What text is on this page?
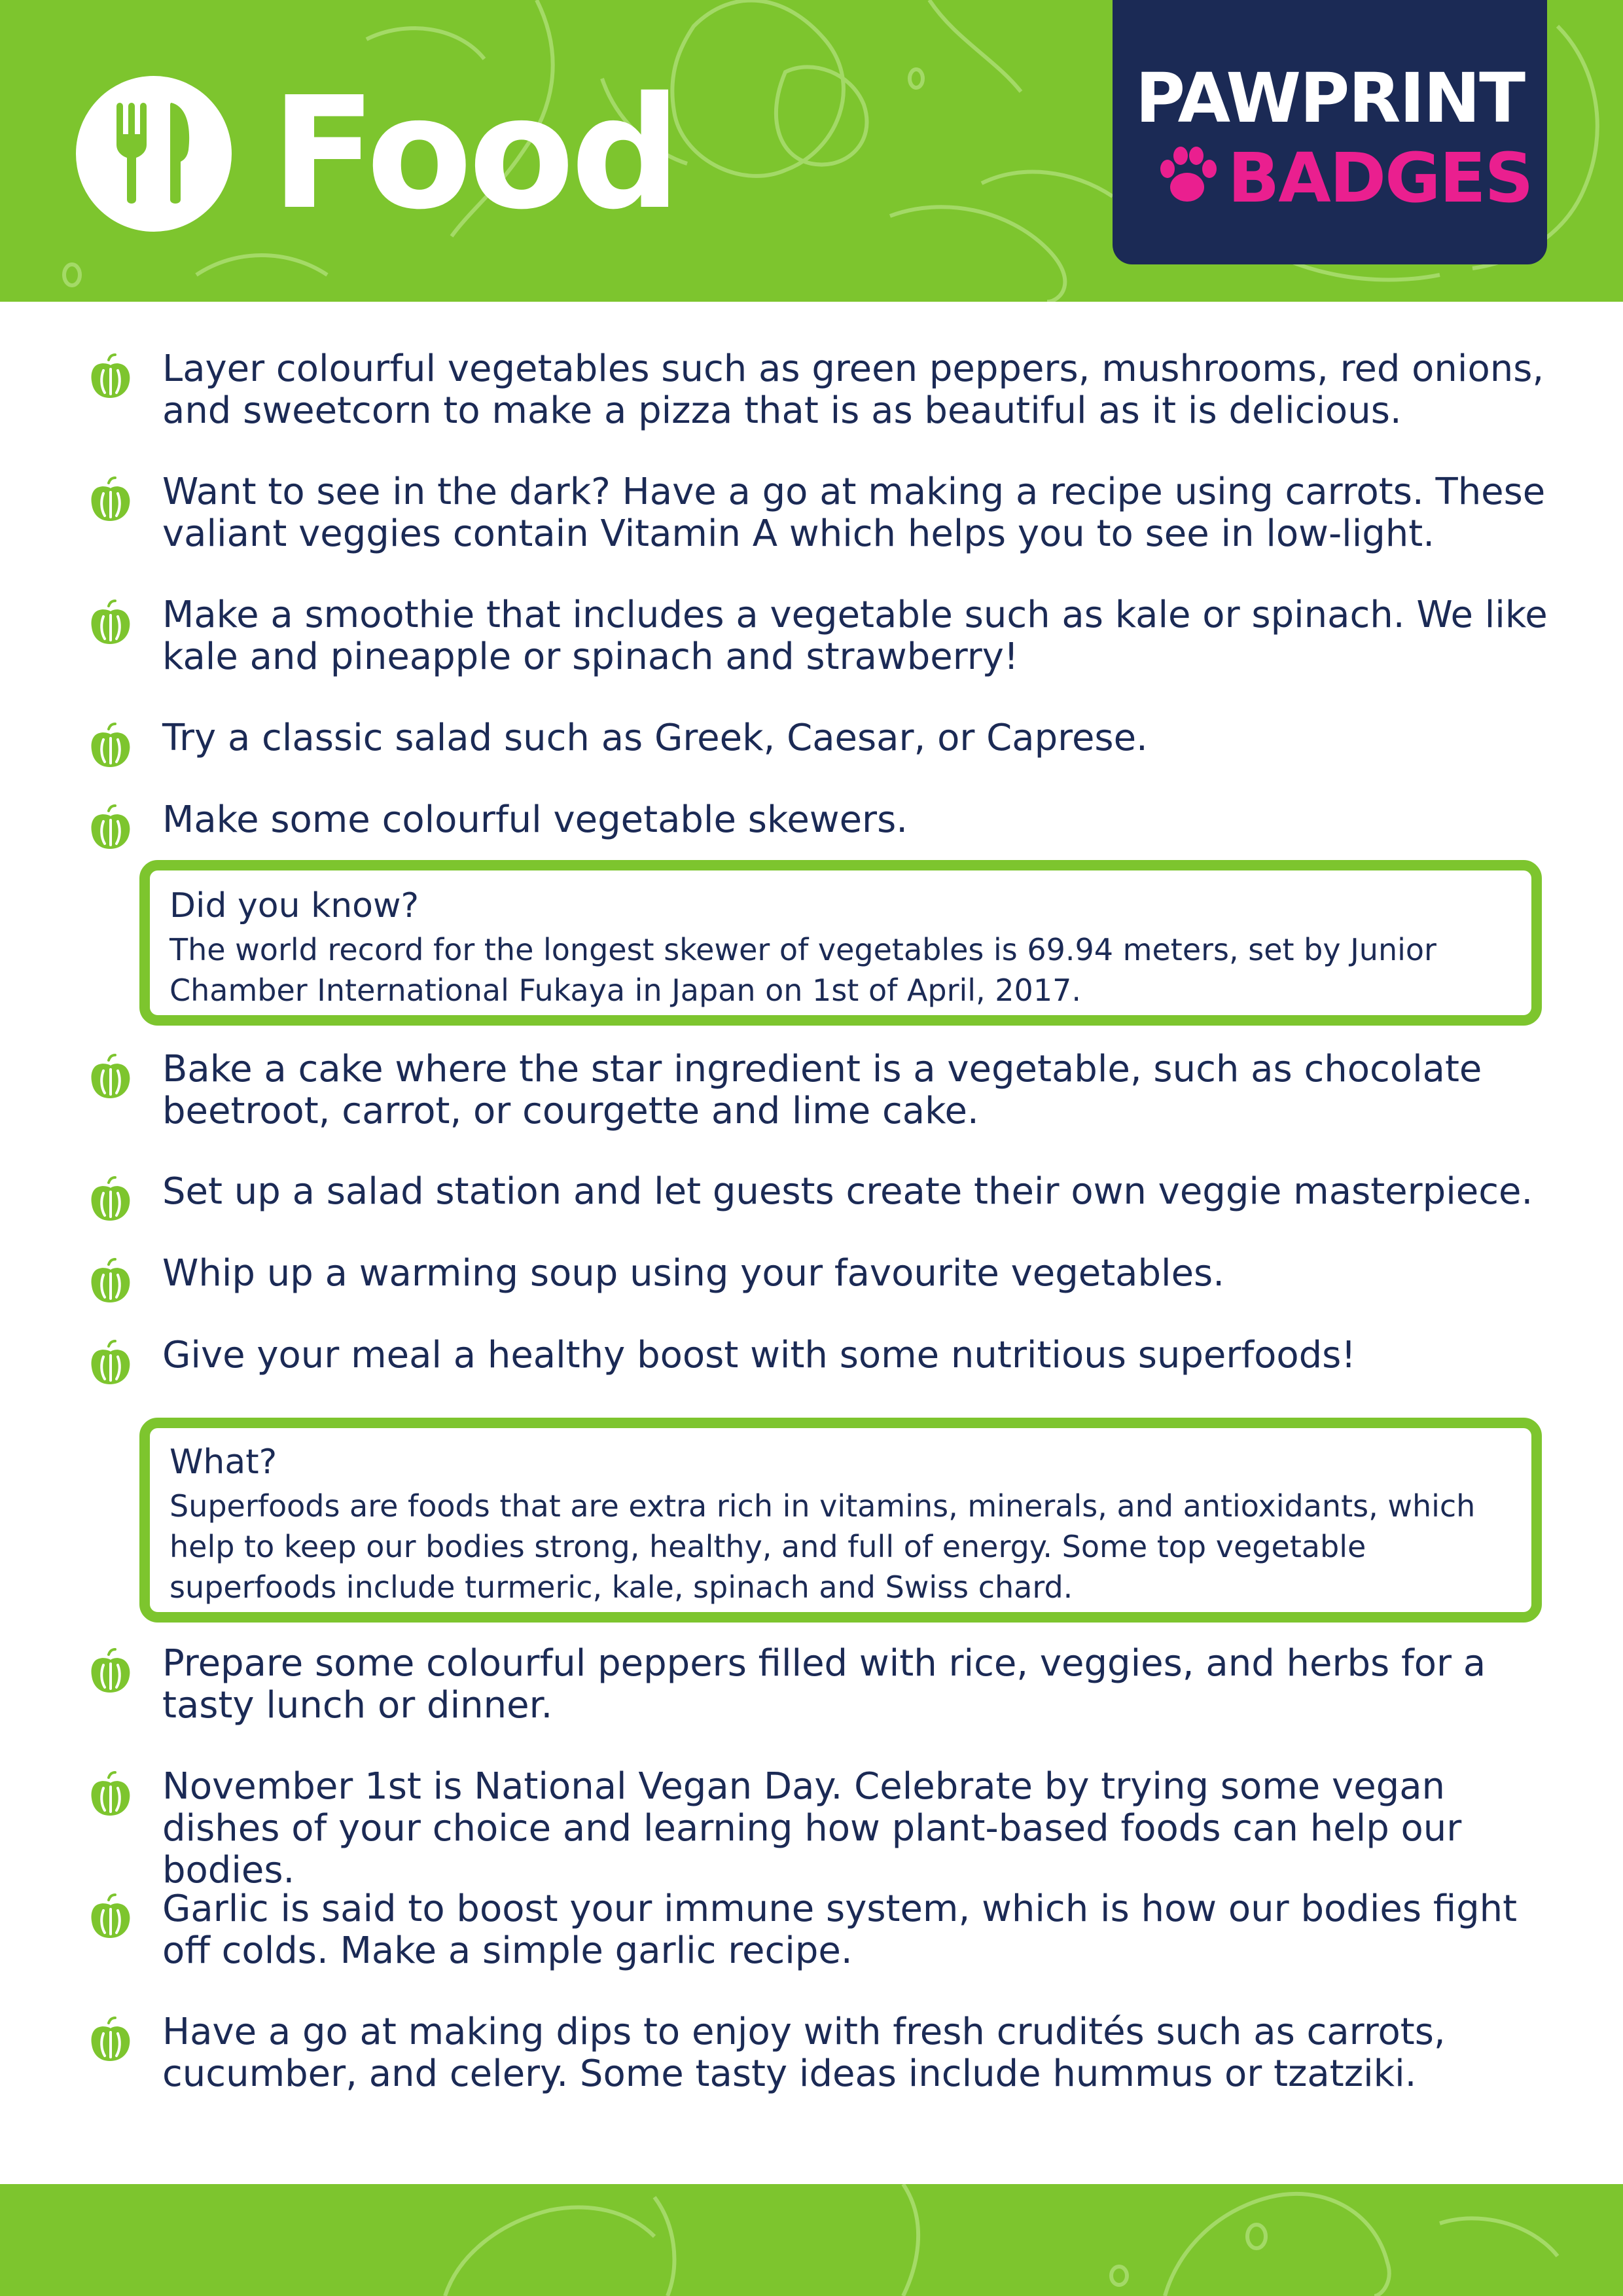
Food	PAWPRINT
BADGES

Layer colourful vegetables such as green peppers, mushrooms, red onions, and sweetcorn to make a pizza that is as beautiful as it is delicious.

Want to see in the dark? Have a go at making a recipe using carrots. These valiant veggies contain Vitamin A which helps you to see in low-light.

Make a smoothie that includes a vegetable such as kale or spinach. We like kale and pineapple or spinach and strawberry!

Try a classic salad such as Greek, Caesar, or Caprese.

Make some colourful vegetable skewers.

Did you know?
The world record for the longest skewer of vegetables is 69.94 meters, set by Junior Chamber International Fukaya in Japan on 1st of April, 2017.

Bake a cake where the star ingredient is a vegetable, such as chocolate beetroot, carrot, or courgette and lime cake.

Set up a salad station and let guests create their own veggie masterpiece.

Whip up a warming soup using your favourite vegetables.

Give your meal a healthy boost with some nutritious superfoods!

What?
Superfoods are foods that are extra rich in vitamins, minerals, and antioxidants, which help to keep our bodies strong, healthy, and full of energy. Some top vegetable superfoods include turmeric, kale, spinach and Swiss chard.

Prepare some colourful peppers filled with rice, veggies, and herbs for a tasty lunch or dinner.

November 1st is National Vegan Day. Celebrate by trying some vegan dishes of your choice and learning how plant-based foods can help our bodies.

Garlic is said to boost your immune system, which is how our bodies fight off colds. Make a simple garlic recipe.

Have a go at making dips to enjoy with fresh crudités such as carrots, cucumber, and celery. Some tasty ideas include hummus or tzatziki.
